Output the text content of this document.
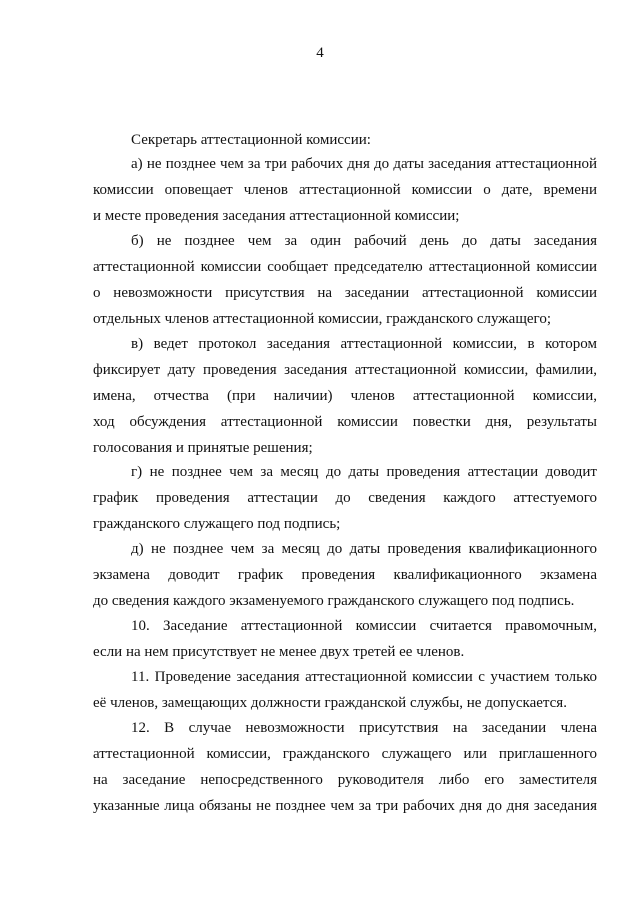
4
Секретарь аттестационной комиссии:
а) не позднее чем за три рабочих дня до даты заседания аттестационной
комиссии оповещает членов аттестационной комиссии о дате, времени
и месте проведения заседания аттестационной комиссии;
б) не позднее чем за один рабочий день до даты заседания
аттестационной комиссии сообщает председателю аттестационной комиссии
о невозможности присутствия на заседании аттестационной комиссии
отдельных членов аттестационной комиссии, гражданского служащего;
в) ведет протокол заседания аттестационной комиссии, в котором
фиксирует дату проведения заседания аттестационной комиссии, фамилии,
имена, отчества (при наличии) членов аттестационной комиссии,
ход обсуждения аттестационной комиссии повестки дня, результаты
голосования и принятые решения;
г) не позднее чем за месяц до даты проведения аттестации доводит
график проведения аттестации до сведения каждого аттестуемого
гражданского служащего под подпись;
д) не позднее чем за месяц до даты проведения квалификационного
экзамена доводит график проведения квалификационного экзамена
до сведения каждого экзаменуемого гражданского служащего под подпись.
10. Заседание аттестационной комиссии считается правомочным,
если на нем присутствует не менее двух третей ее членов.
11. Проведение заседания аттестационной комиссии с участием только
её членов, замещающих должности гражданской службы, не допускается.
12. В случае невозможности присутствия на заседании члена
аттестационной комиссии, гражданского служащего или приглашенного
на заседание непосредственного руководителя либо его заместителя
указанные лица обязаны не позднее чем за три рабочих дня до дня заседания
